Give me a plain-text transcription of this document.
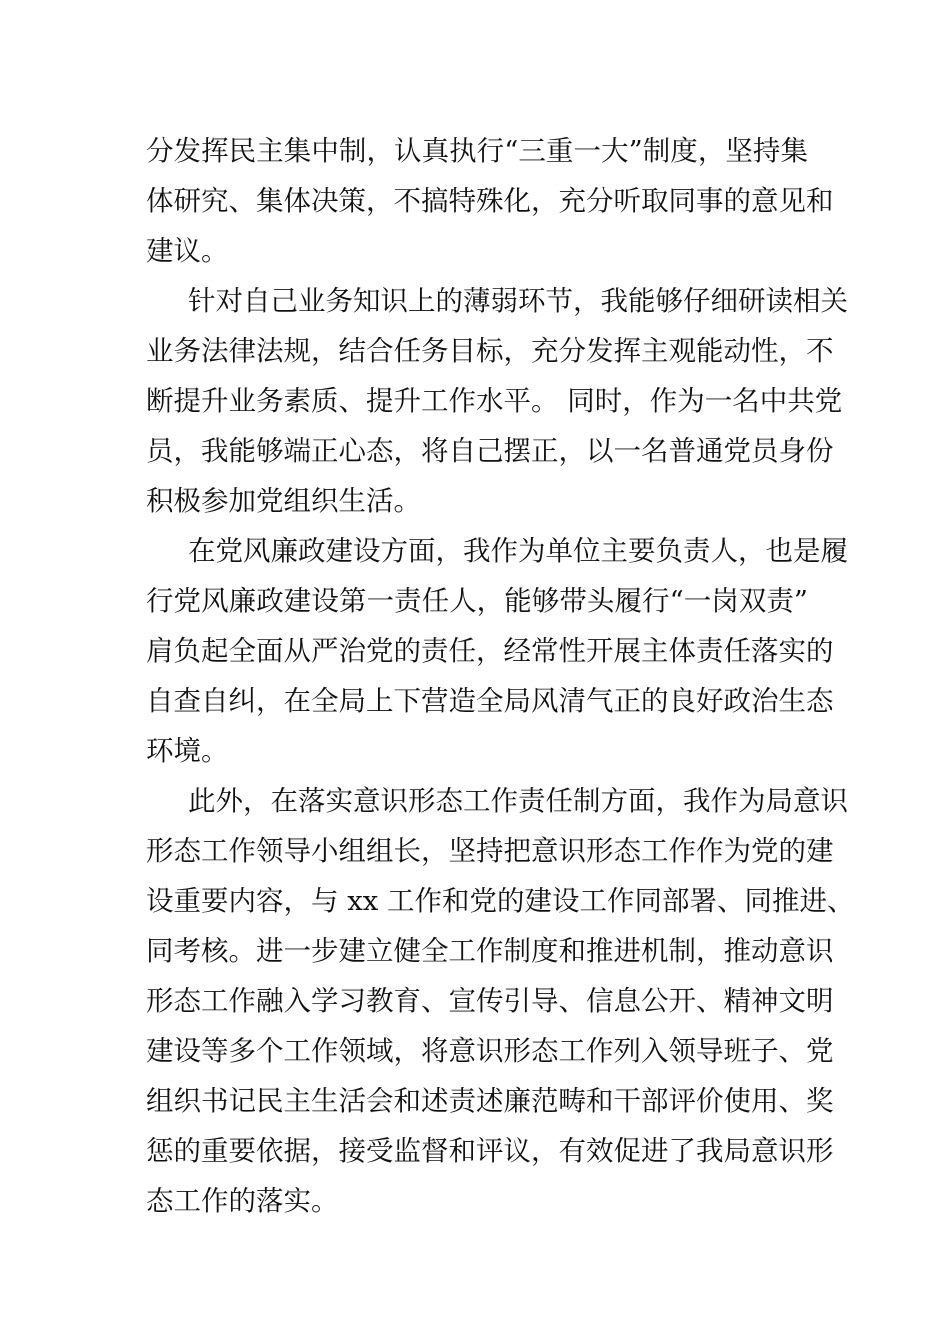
分发挥民主集中制，认真执行“三重一大”制度，坚持集
体研究、集体决策，不搞特殊化，充分听取同事的意见和
建议。
针对自己业务知识上的薄弱环节，我能够仔细研读相关
业务法律法规，结合任务目标，充分发挥主观能动性，不
断提升业务素质、提升工作水平。 同时，作为一名中共党
员，我能够端正心态，将自己摆正，以一名普通党员身份
积极参加党组织生活。
在党风廉政建设方面，我作为单位主要负责人，也是履
行党风廉政建设第一责任人，能够带头履行“一岗双责”
肩负起全面从严治党的责任，经常性开展主体责任落实的
自查自纠，在全局上下营造全局风清气正的良好政治生态
环境。
此外，在落实意识形态工作责任制方面，我作为局意识
形态工作领导小组组长，坚持把意识形态工作作为党的建
设重要内容，与 xx 工作和党的建设工作同部署、同推进、
同考核。进一步建立健全工作制度和推进机制，推动意识
形态工作融入学习教育、宣传引导、信息公开、精神文明
建设等多个工作领域，将意识形态工作列入领导班子、党
组织书记民主生活会和述责述廉范畴和干部评价使用、奖
惩的重要依据，接受监督和评议，有效促进了我局意识形
态工作的落实。
